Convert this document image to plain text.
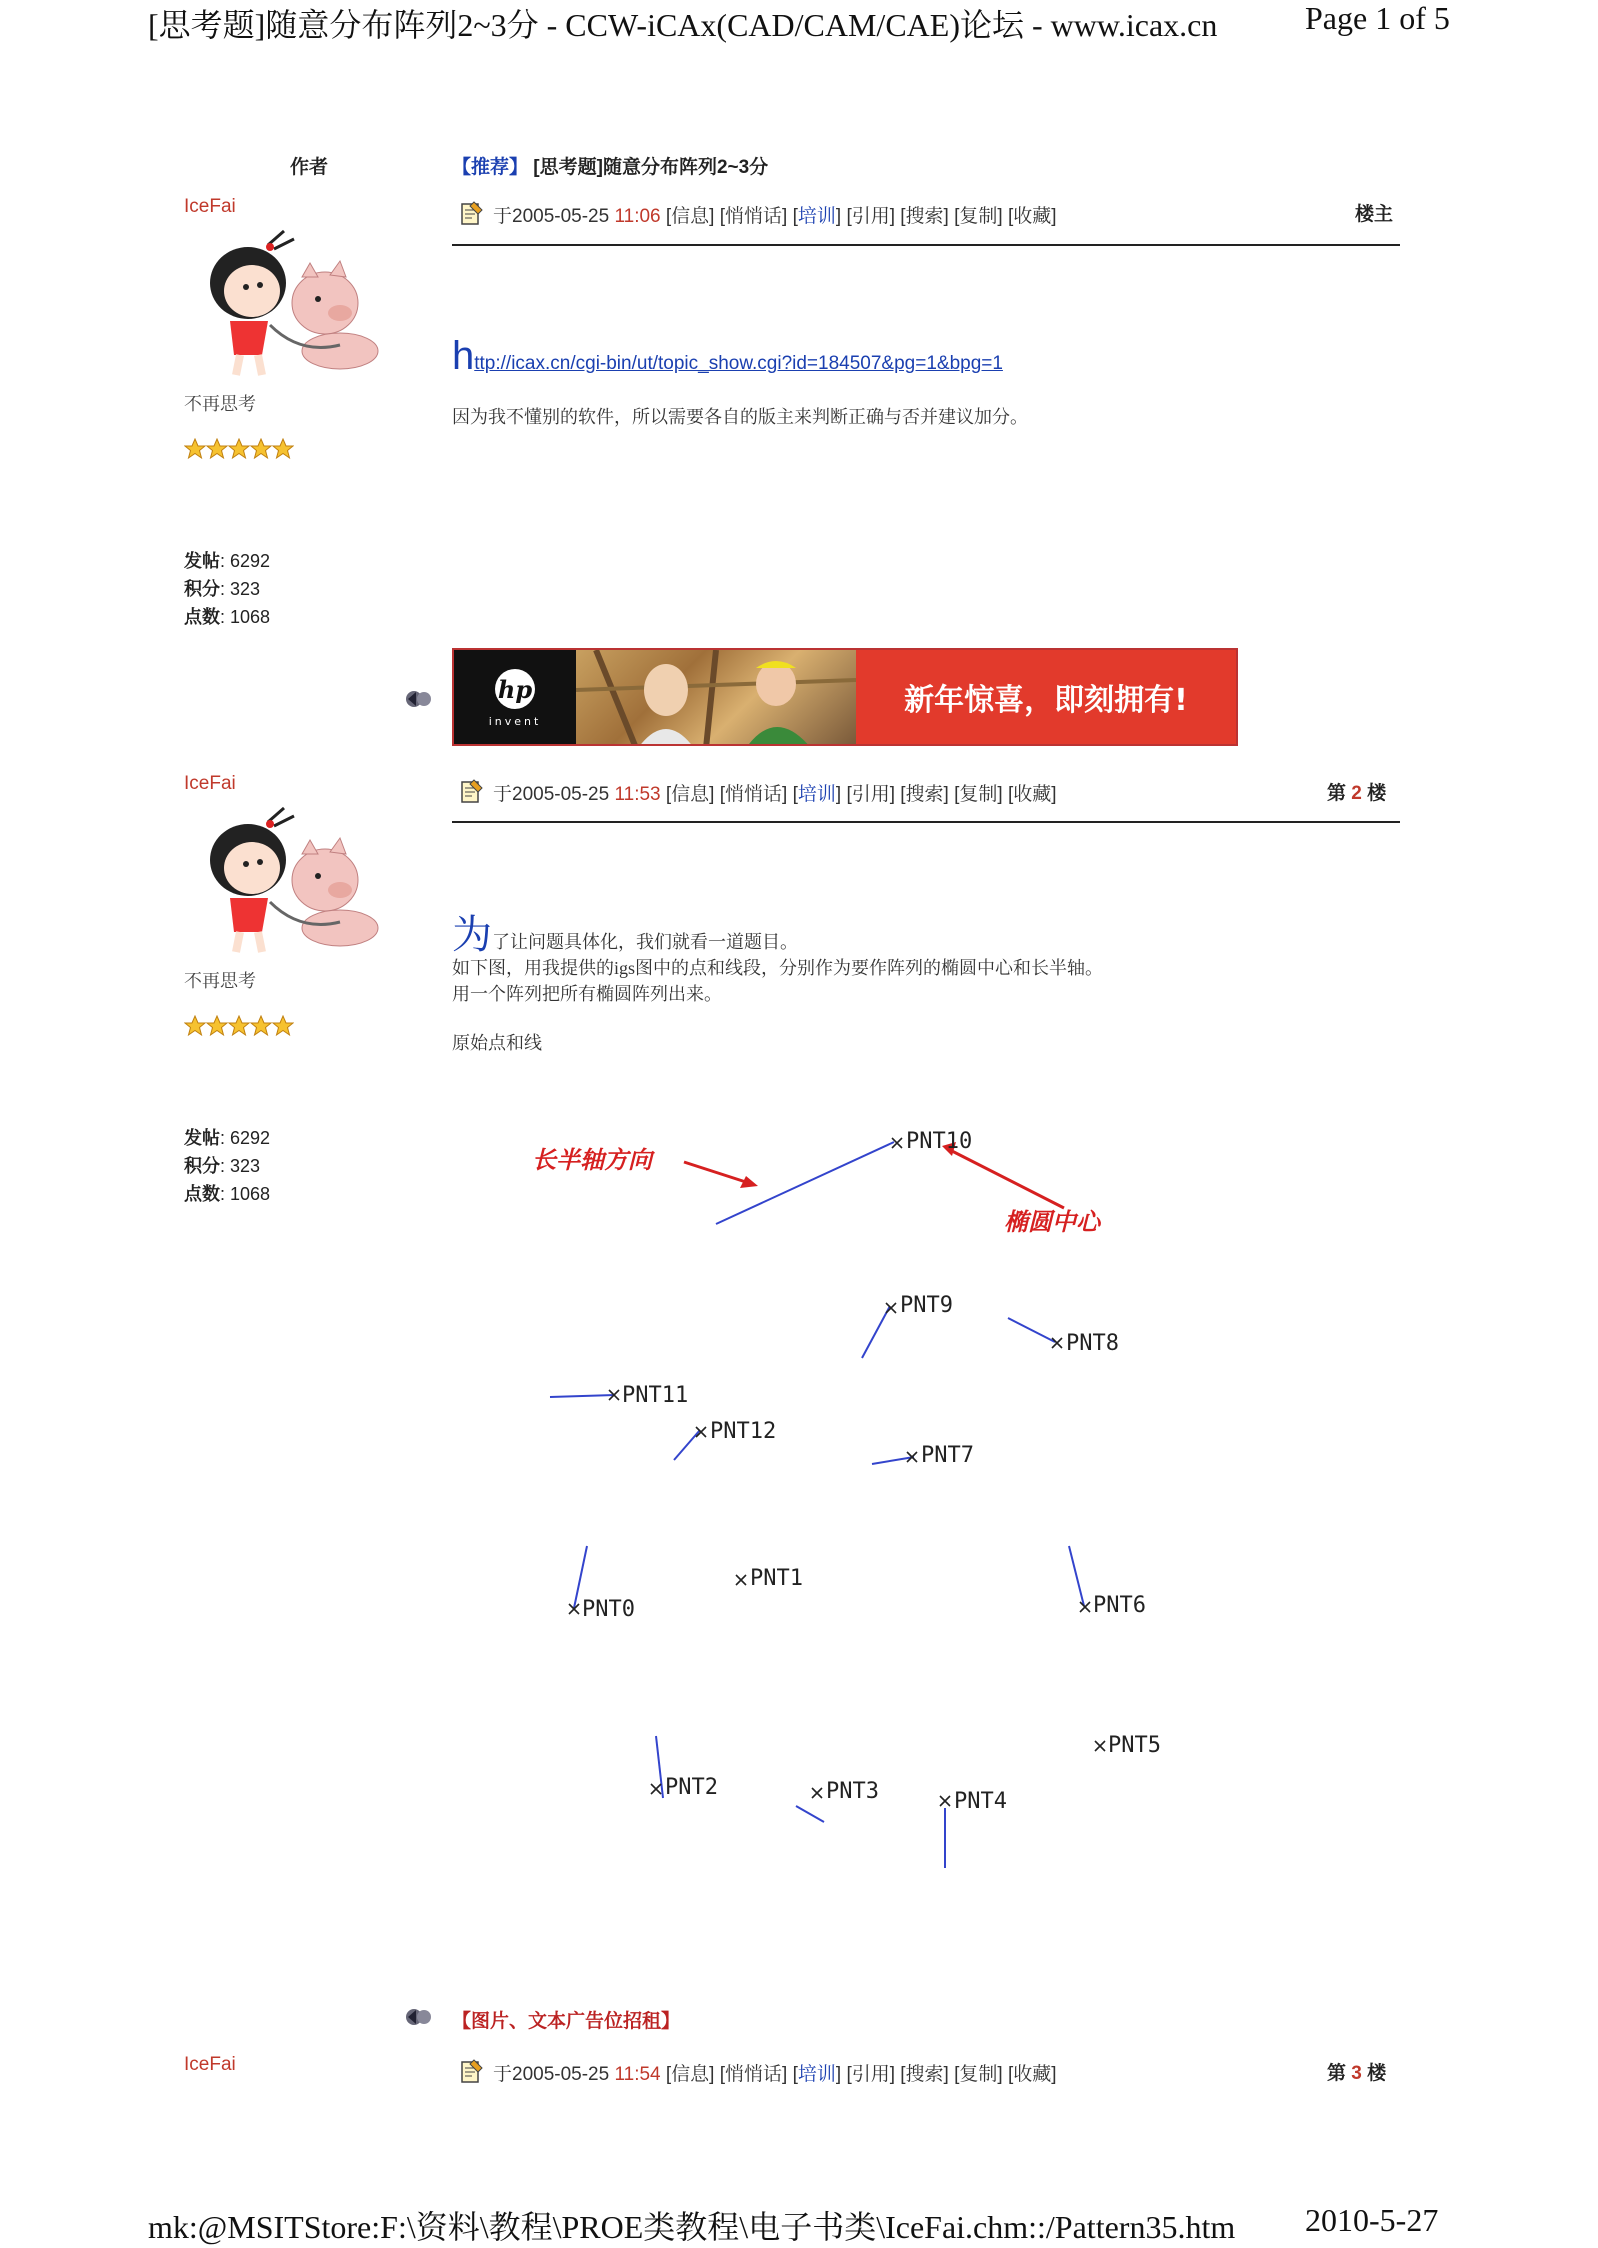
[思考题]随意分布阵列2~3分 - CCW-iCAx(CAD/CAM/CAE)论坛 - www.icax.cn	Page 1 of 5
作者	【推荐】 [思考题]随意分布阵列2~3分
IceFai
不再思考
发帖: 6292
积分: 323
点数: 1068
于2005-05-25 11:06 [信息] [悄悄话] [培训] [引用] [搜索] [复制] [收藏]	楼主
http://icax.cn/cgi-bin/ut/topic_show.cgi?id=184507&pg=1&bpg=1
因为我不懂别的软件，所以需要各自的版主来判断正确与否并建议加分。
hp
invent
新年惊喜，即刻拥有!
IceFai
不再思考
发帖: 6292
积分: 323
点数: 1068
于2005-05-25 11:53 [信息] [悄悄话] [培训] [引用] [搜索] [复制] [收藏]	第 2 楼
为了让问题具体化，我们就看一道题目。
如下图，用我提供的igs图中的点和线段，分别作为要作阵列的椭圆中心和长半轴。
用一个阵列把所有椭圆阵列出来。
原始点和线
长半轴方向
椭圆中心
PNT10
PNT9
PNT8
PNT11
PNT12
PNT7
PNT1
PNT0	PNT6
PNT5
PNT2	PNT3	PNT4
【图片、文本广告位招租】
IceFai	于2005-05-25 11:54 [信息] [悄悄话] [培训] [引用] [搜索] [复制] [收藏]	第 3 楼
mk:@MSITStore:F:\资料\教程\PROE类教程\电子书类\IceFai.chm::/Pattern35.htm 2010-5-27
